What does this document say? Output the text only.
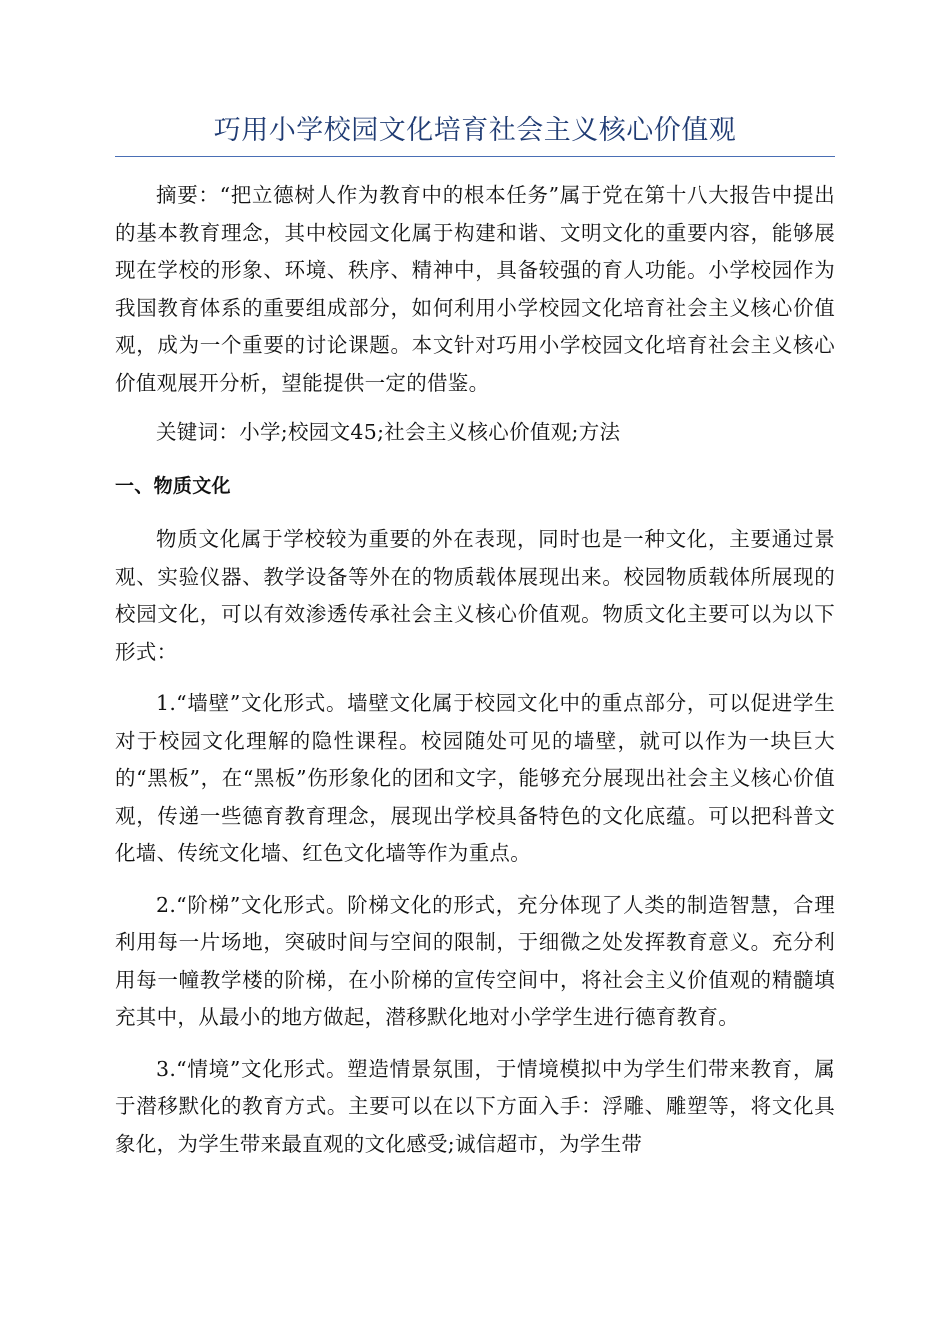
巧用小学校园文化培育社会主义核心价值观

摘要：“把立德树人作为教育中的根本任务”属于党在第十八大报告中提出的基本教育理念，其中校园文化属于构建和谐、文明文化的重要内容，能够展现在学校的形象、环境、秩序、精神中，具备较强的育人功能。小学校园作为我国教育体系的重要组成部分，如何利用小学校园文化培育社会主义核心价值观，成为一个重要的讨论课题。本文针对巧用小学校园文化培育社会主义核心价值观展开分析，望能提供一定的借鉴。

关键词：小学;校园文45;社会主义核心价值观;方法

一、物质文化

物质文化属于学校较为重要的外在表现，同时也是一种文化，主要通过景观、实验仪器、教学设备等外在的物质载体展现出来。校园物质载体所展现的校园文化，可以有效渗透传承社会主义核心价值观。物质文化主要可以为以下形式：

1.“墙壁”文化形式。墙壁文化属于校园文化中的重点部分，可以促进学生对于校园文化理解的隐性课程。校园随处可见的墙壁，就可以作为一块巨大的“黑板”，在“黑板”伤形象化的团和文字，能够充分展现出社会主义核心价值观，传递一些德育教育理念，展现出学校具备特色的文化底蕴。可以把科普文化墙、传统文化墙、红色文化墙等作为重点。

2.“阶梯”文化形式。阶梯文化的形式，充分体现了人类的制造智慧，合理利用每一片场地，突破时间与空间的限制，于细微之处发挥教育意义。充分利用每一幢教学楼的阶梯，在小阶梯的宣传空间中，将社会主义价值观的精髓填充其中，从最小的地方做起，潜移默化地对小学学生进行德育教育。

3.“情境”文化形式。塑造情景氛围，于情境模拟中为学生们带来教育，属于潜移默化的教育方式。主要可以在以下方面入手：浮雕、雕塑等，将文化具象化，为学生带来最直观的文化感受;诚信超市，为学生带
